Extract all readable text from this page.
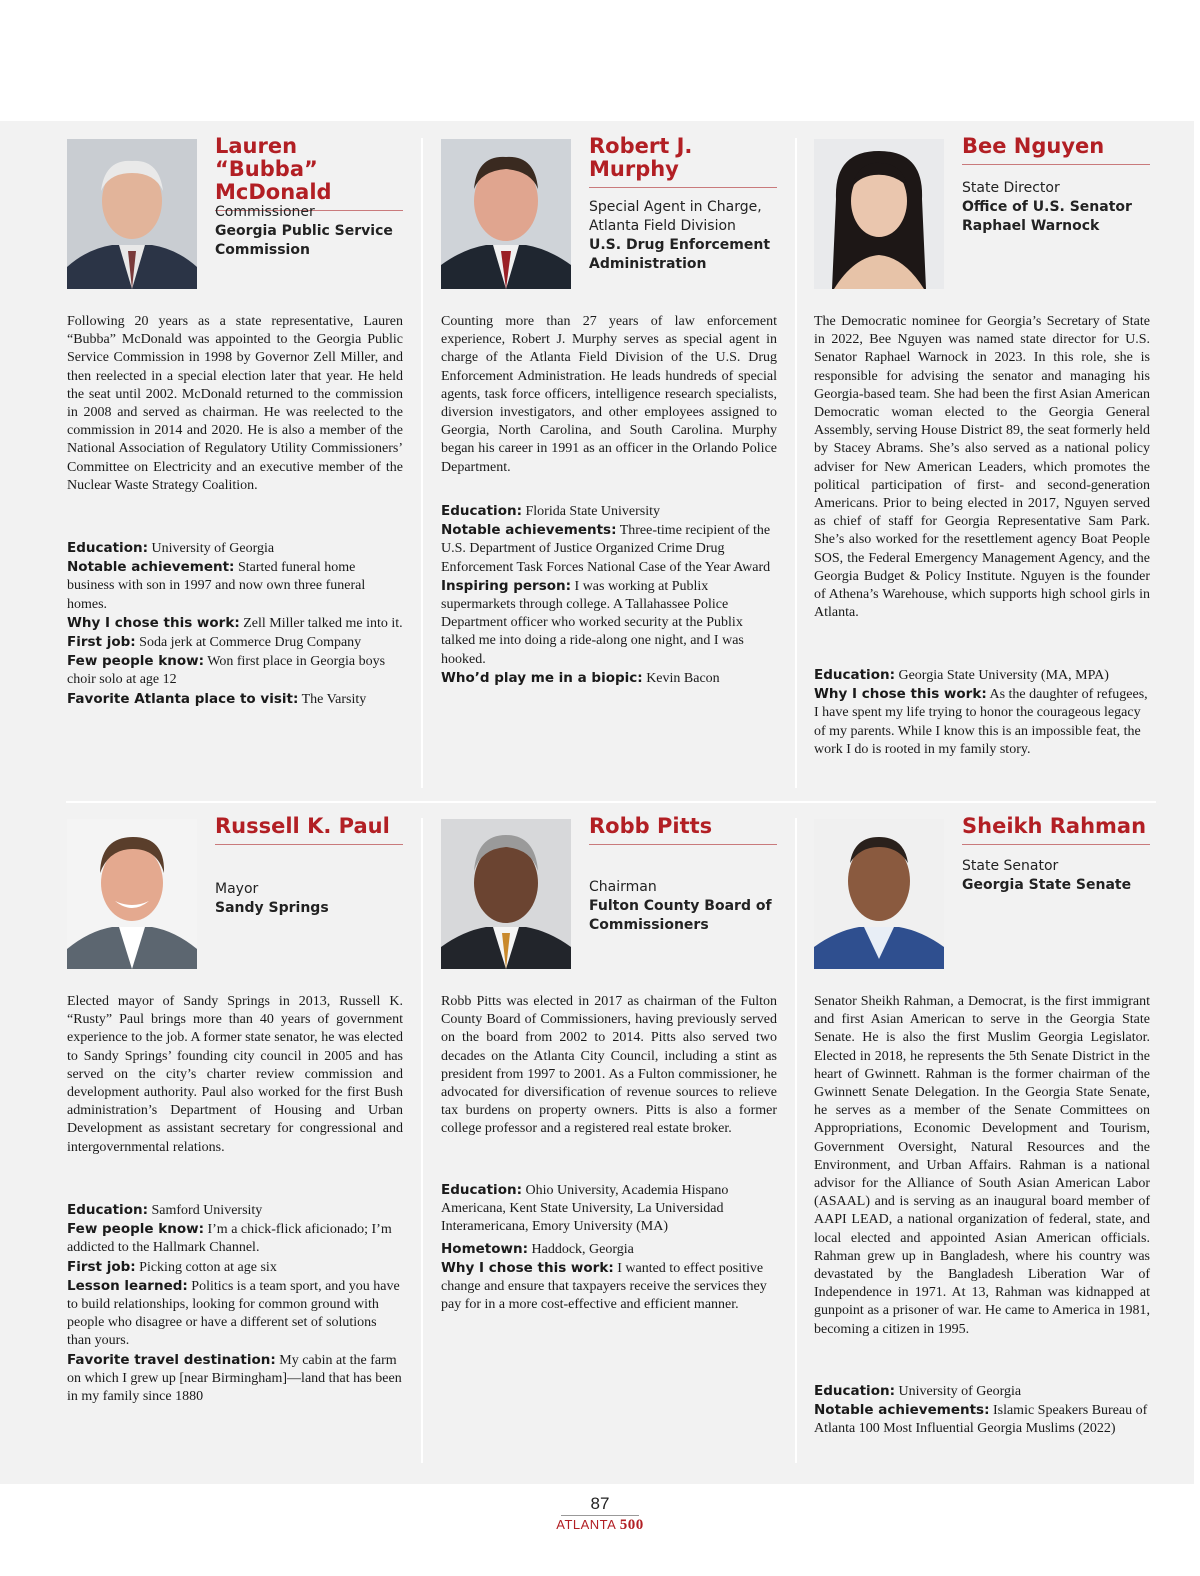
Lauren “Bubba” McDonald
Commissioner
Georgia Public Service Commission
Following 20 years as a state representative, Lauren “Bubba” McDonald was appointed to the Georgia Public Service Commission in 1998 by Governor Zell Miller, and then reelected in a special election later that year. He held the seat until 2002. McDonald returned to the commission in 2008 and served as chairman. He was reelected to the commission in 2014 and 2020. He is also a member of the National Association of Regulatory Utility Commissioners’ Committee on Electricity and an executive member of the Nuclear Waste Strategy Coalition.

Education: University of Georgia

Notable achievement: Started funeral home business with son in 1997 and now own three funeral homes.

Why I chose this work: Zell Miller talked me into it.

First job: Soda jerk at Commerce Drug Company

Few people know: Won first place in Georgia boys choir solo at age 12

Favorite Atlanta place to visit: The Varsity

Robert J. Murphy
Special Agent in Charge, Atlanta Field Division
U.S. Drug Enforcement Administration
Counting more than 27 years of law enforcement experience, Robert J. Murphy serves as special agent in charge of the Atlanta Field Division of the U.S. Drug Enforcement Administration. He leads hundreds of special agents, task force officers, intelligence research specialists, diversion investigators, and other employees assigned to Georgia, North Carolina, and South Carolina. Murphy began his career in 1991 as an officer in the Orlando Police Department.

Education: Florida State University

Notable achievements: Three-time recipient of the U.S. Department of Justice Organized Crime Drug Enforcement Task Forces National Case of the Year Award

Inspiring person: I was working at Publix supermarkets through college. A Tallahassee Police Department officer who worked security at the Publix talked me into doing a ride-along one night, and I was hooked.

Who’d play me in a biopic: Kevin Bacon

Bee Nguyen
State Director
Office of U.S. Senator Raphael Warnock
The Democratic nominee for Georgia’s Secretary of State in 2022, Bee Nguyen was named state director for U.S. Senator Raphael Warnock in 2023. In this role, she is responsible for advising the senator and managing his Georgia-based team. She had been the first Asian American Democratic woman elected to the Georgia General Assembly, serving House District 89, the seat formerly held by Stacey Abrams. She’s also served as a national policy adviser for New American Leaders, which promotes the political participation of first- and second-generation Americans. Prior to being elected in 2017, Nguyen served as chief of staff for Georgia Representative Sam Park. She’s also worked for the resettlement agency Boat People SOS, the Federal Emergency Management Agency, and the Georgia Budget & Policy Institute. Nguyen is the founder of Athena’s Warehouse, which supports high school girls in Atlanta.

Education: Georgia State University (MA, MPA)

Why I chose this work: As the daughter of refugees, I have spent my life trying to honor the courageous legacy of my parents. While I know this is an impossible feat, the work I do is rooted in my family story.

Russell K. Paul
Mayor
Sandy Springs
Elected mayor of Sandy Springs in 2013, Russell K. “Rusty” Paul brings more than 40 years of government experience to the job. A former state senator, he was elected to Sandy Springs’ founding city council in 2005 and has served on the city’s charter review commission and development authority. Paul also worked for the first Bush administration’s Department of Housing and Urban Development as assistant secretary for congressional and intergovernmental relations.

Education: Samford University

Few people know: I’m a chick-flick aficionado; I’m addicted to the Hallmark Channel.

First job: Picking cotton at age six

Lesson learned: Politics is a team sport, and you have to build relationships, looking for common ground with people who disagree or have a different set of solutions than yours.

Favorite travel destination: My cabin at the farm on which I grew up [near Birmingham]—land that has been in my family since 1880

Robb Pitts
Chairman
Fulton County Board of Commissioners
Robb Pitts was elected in 2017 as chairman of the Fulton County Board of Commissioners, having previously served on the board from 2002 to 2014. Pitts also served two decades on the Atlanta City Council, including a stint as president from 1997 to 2001. As a Fulton commissioner, he advocated for diversification of revenue sources to relieve tax burdens on property owners. Pitts is also a former college professor and a registered real estate broker.

Education: Ohio University, Academia Hispano Americana, Kent State University, La Universidad Interamericana, Emory University (MA)

Hometown: Haddock, Georgia

Why I chose this work: I wanted to effect positive change and ensure that taxpayers receive the services they pay for in a more cost-effective and efficient manner.

Sheikh Rahman
State Senator
Georgia State Senate
Senator Sheikh Rahman, a Democrat, is the first immigrant and first Asian American to serve in the Georgia State Senate. He is also the first Muslim Georgia Legislator. Elected in 2018, he represents the 5th Senate District in the heart of Gwinnett. Rahman is the former chairman of the Gwinnett Senate Delegation. In the Georgia State Senate, he serves as a member of the Senate Committees on Appropriations, Economic Development and Tourism, Government Oversight, Natural Resources and the Environment, and Urban Affairs. Rahman is a national advisor for the Alliance of South Asian American Labor (ASAAL) and is serving as an inaugural board member of AAPI LEAD, a national organization of federal, state, and local elected and appointed Asian American officials. Rahman grew up in Bangladesh, where his country was devastated by the Bangladesh Liberation War of Independence in 1971. At 13, Rahman was kidnapped at gunpoint as a prisoner of war. He came to America in 1981, becoming a citizen in 1995.

Education: University of Georgia

Notable achievements: Islamic Speakers Bureau of Atlanta 100 Most Influential Georgia Muslims (2022)

87
ATLANTA 500
